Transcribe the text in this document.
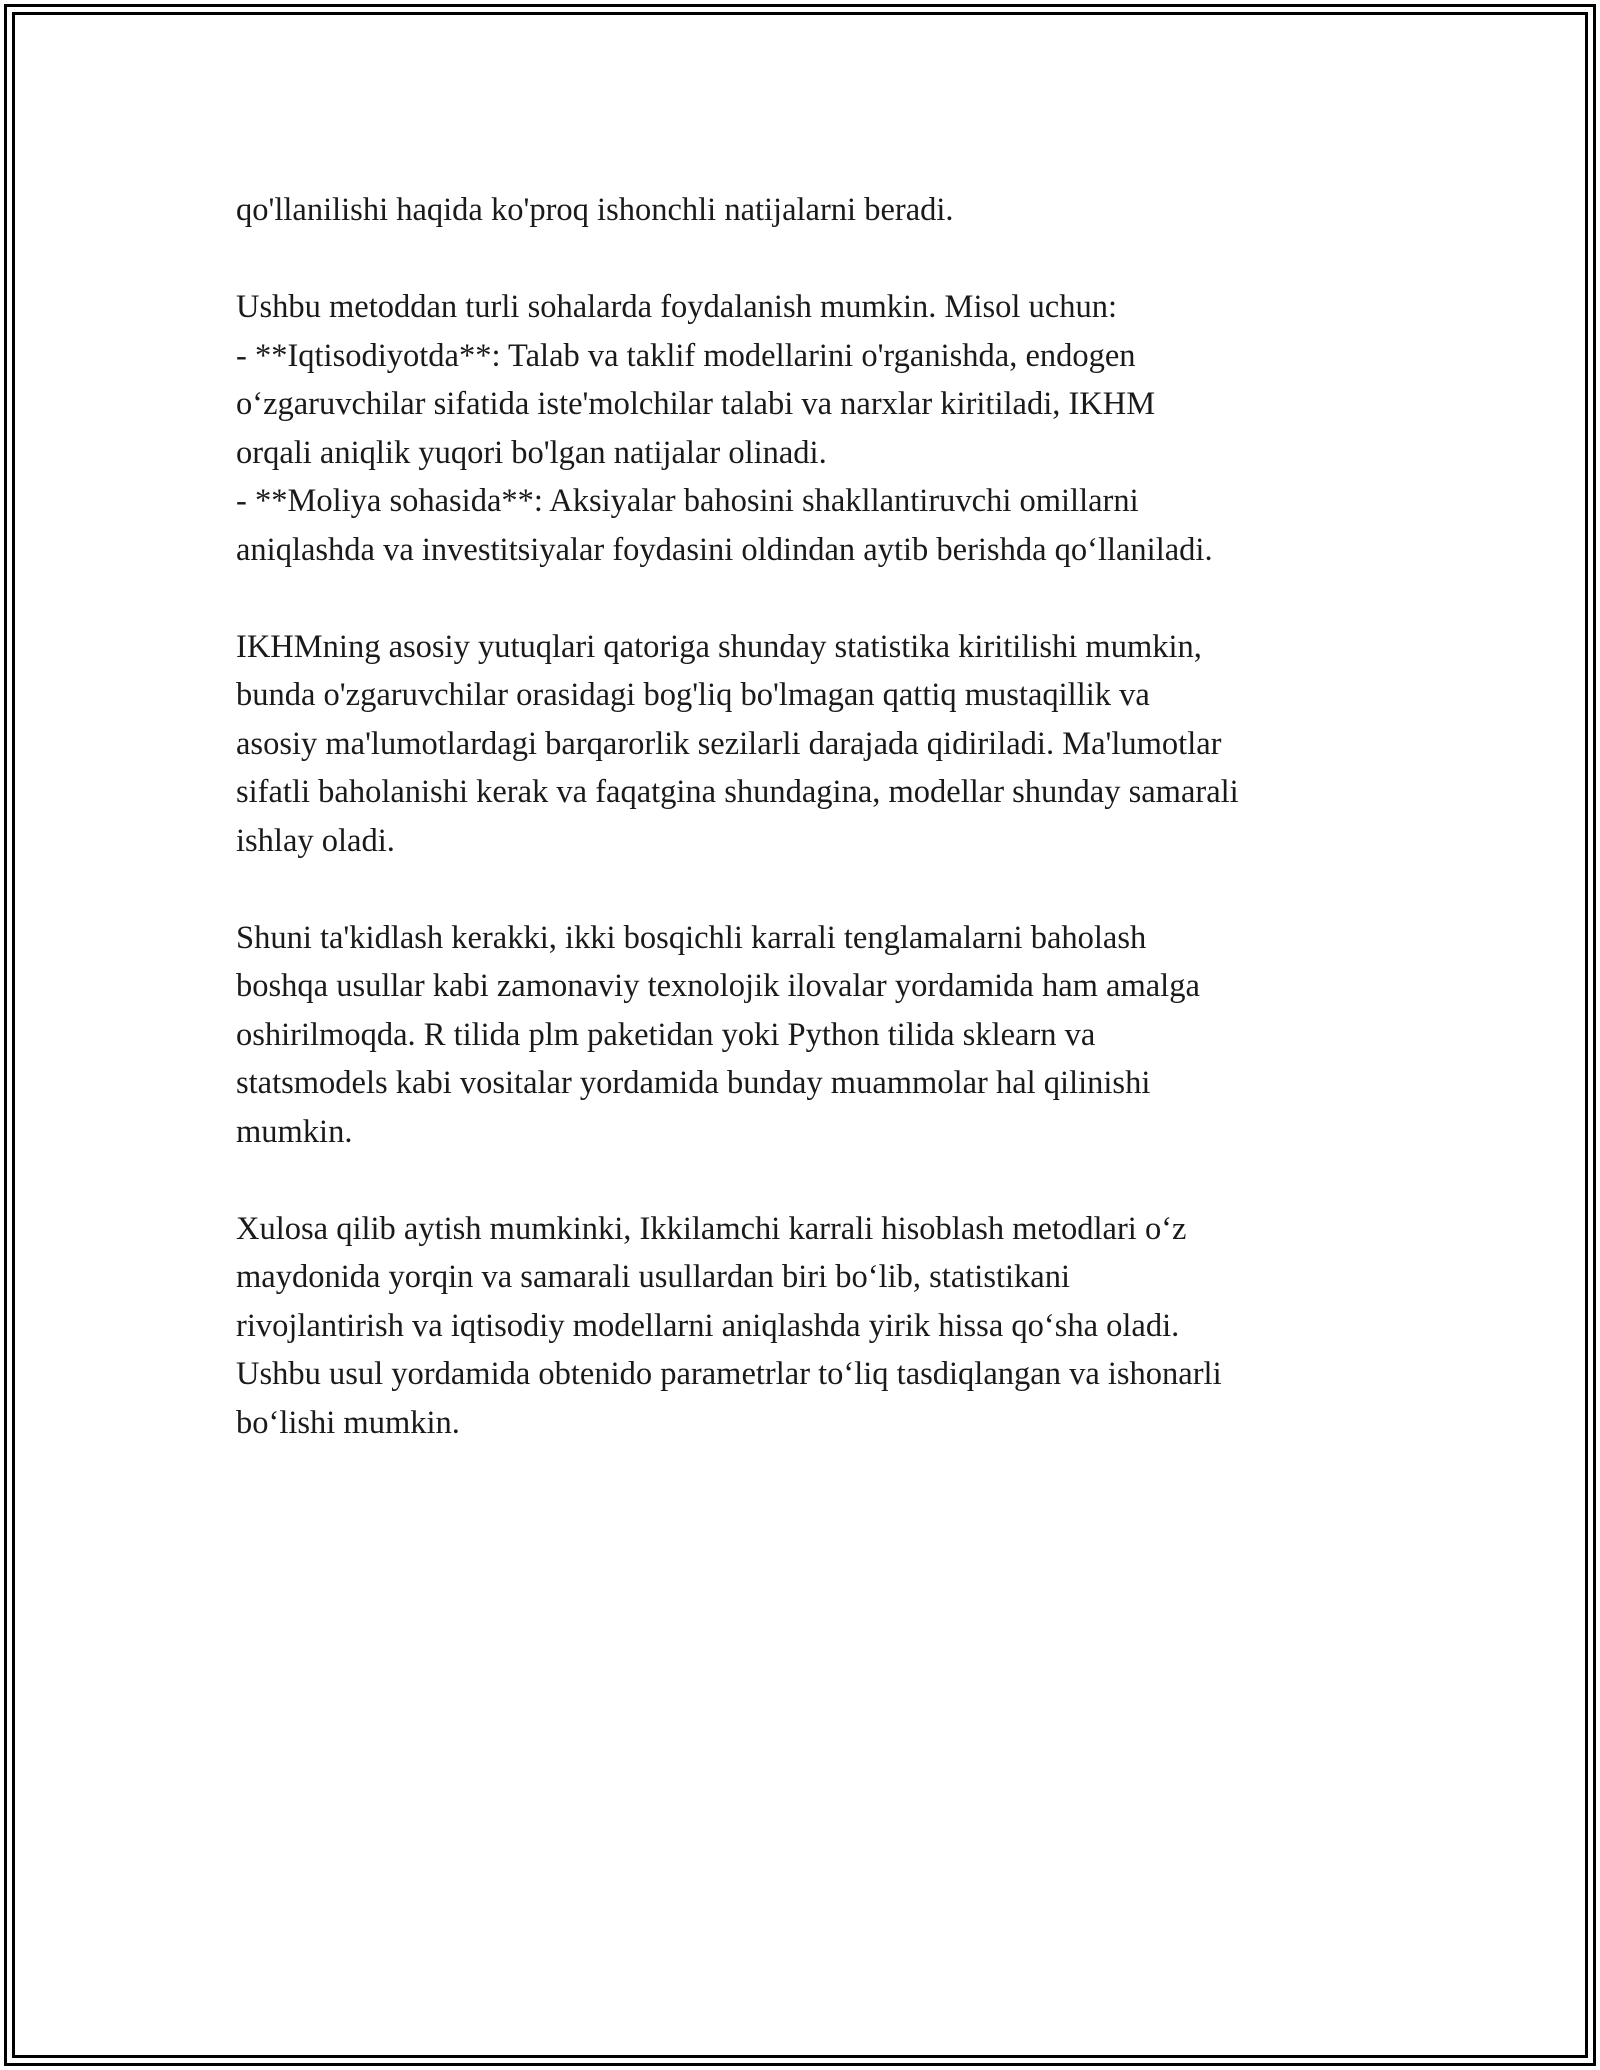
qo'llanilishi haqida ko'proq ishonchli natijalarni beradi.
Ushbu metoddan turli sohalarda foydalanish mumkin. Misol uchun:
- **Iqtisodiyotda**: Talab va taklif modellarini o'rganishda, endogen
o‘zgaruvchilar sifatida iste'molchilar talabi va narxlar kiritiladi, IKHM
orqali aniqlik yuqori bo'lgan natijalar olinadi.
- **Moliya sohasida**: Aksiyalar bahosini shakllantiruvchi omillarni
aniqlashda va investitsiyalar foydasini oldindan aytib berishda qo‘llaniladi.
IKHMning asosiy yutuqlari qatoriga shunday statistika kiritilishi mumkin,
bunda o'zgaruvchilar orasidagi bog'liq bo'lmagan qattiq mustaqillik va
asosiy ma'lumotlardagi barqarorlik sezilarli darajada qidiriladi. Ma'lumotlar
sifatli baholanishi kerak va faqatgina shundagina, modellar shunday samarali
ishlay oladi.
Shuni ta'kidlash kerakki, ikki bosqichli karrali tenglamalarni baholash
boshqa usullar kabi zamonaviy texnolojik ilovalar yordamida ham amalga
oshirilmoqda. R tilida plm paketidan yoki Python tilida sklearn va
statsmodels kabi vositalar yordamida bunday muammolar hal qilinishi
mumkin.
Xulosa qilib aytish mumkinki, Ikkilamchi karrali hisoblash metodlari o‘z
maydonida yorqin va samarali usullardan biri bo‘lib, statistikani
rivojlantirish va iqtisodiy modellarni aniqlashda yirik hissa qo‘sha oladi.
Ushbu usul yordamida obtenido parametrlar to‘liq tasdiqlangan va ishonarli
bo‘lishi mumkin.
